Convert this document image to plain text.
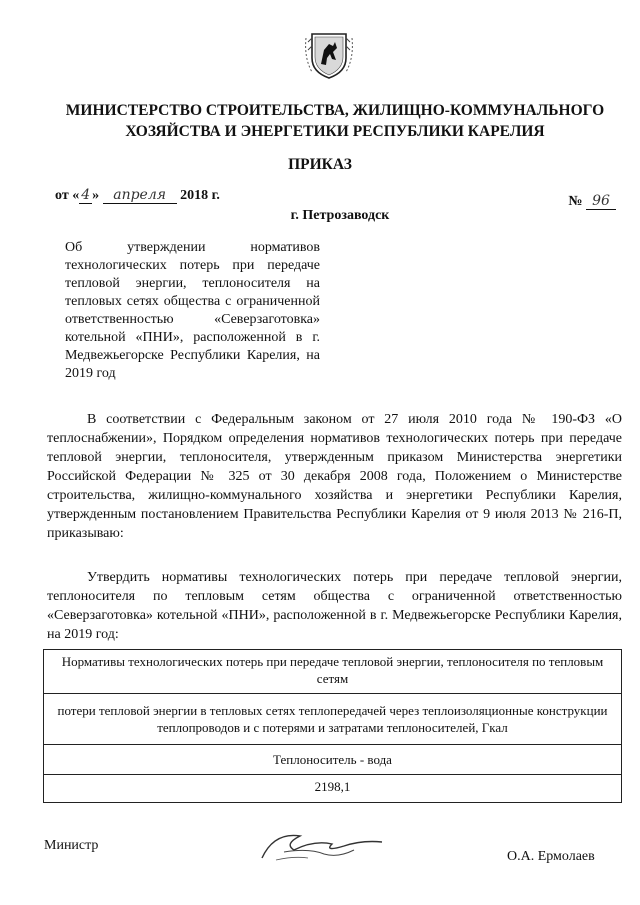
МИНИСТЕРСТВО СТРОИТЕЛЬСТВА, ЖИЛИЩНО-КОММУНАЛЬНОГО
ХОЗЯЙСТВА И ЭНЕРГЕТИКИ РЕСПУБЛИКИ КАРЕЛИЯ
ПРИКАЗ
от « 4 » апреля 2018 г.	№ 96
г. Петрозаводск
Об утверждении нормативов технологических потерь при передаче тепловой энергии, теплоносителя на тепловых сетях общества с ограниченной ответственностью «Северзаготовка» котельной «ПНИ», расположенной в г. Медвежьегорске Республики Карелия, на 2019 год
В соответствии с Федеральным законом от 27 июля 2010 года № 190-ФЗ «О теплоснабжении», Порядком определения нормативов технологических потерь при передаче тепловой энергии, теплоносителя, утвержденным приказом Министерства энергетики Российской Федерации № 325 от 30 декабря 2008 года, Положением о Министерстве строительства, жилищно-коммунального хозяйства и энергетики Республики Карелия, утвержденным постановлением Правительства Республики Карелия от 9 июля 2013 № 216-П, приказываю:
Утвердить нормативы технологических потерь при передаче тепловой энергии, теплоносителя по тепловым сетям общества с ограниченной ответственностью «Северзаготовка» котельной «ПНИ», расположенной в г. Медвежьегорске Республики Карелия, на 2019 год:
Нормативы технологических потерь при передаче тепловой энергии, теплоносителя по тепловым сетям
потери тепловой энергии в тепловых сетях теплопередачей через теплоизоляционные конструкции теплопроводов и с потерями и затратами теплоносителей, Гкал
Теплоноситель - вода
2198,1
Министр
О.А. Ермолаев
